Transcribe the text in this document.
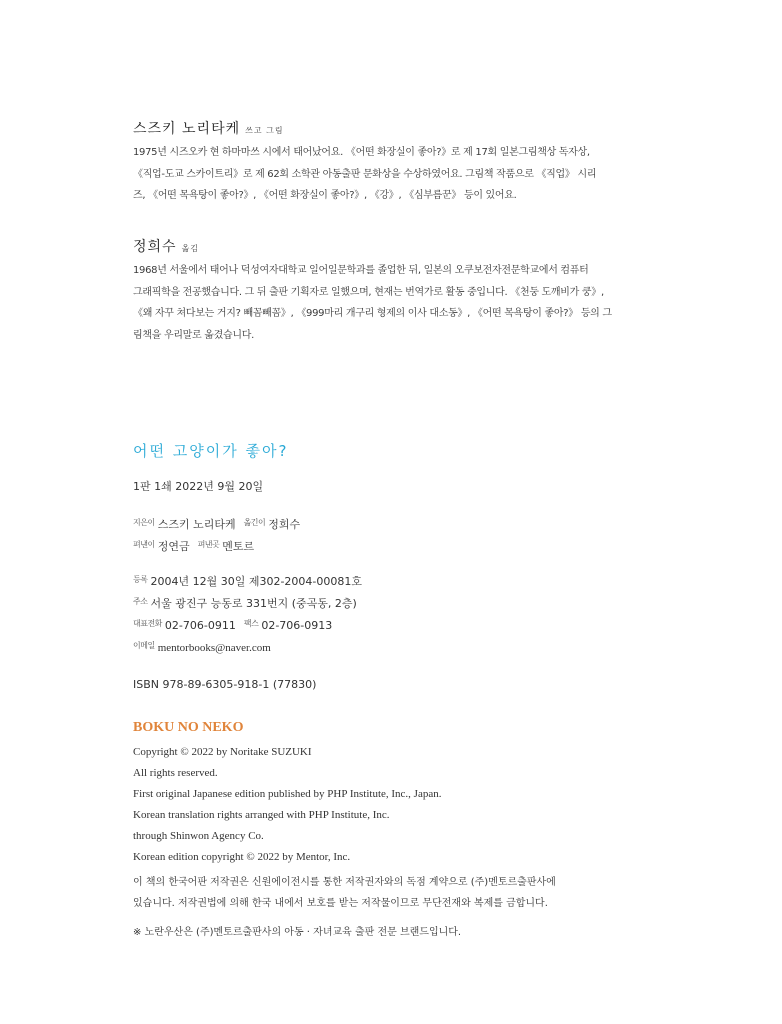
스즈키 노리타케 쓰고 그림
1975년 시즈오카 현 하마마쓰 시에서 태어났어요. 《어떤 화장실이 좋아?》로 제 17회 일본그림책상 독자상,
《직업-도교 스카이트리》로 제 62회 소학관 아동출판 문화상을 수상하였어요. 그림책 작품으로 《직업》 시리
즈, 《어떤 목욕탕이 좋아?》, 《어떤 화장실이 좋아?》, 《강》, 《심부름꾼》 등이 있어요.
정희수 옮김
1968년 서울에서 태어나 덕성여자대학교 일어일문학과를 졸업한 뒤, 일본의 오쿠보전자전문학교에서 컴퓨터
그래픽학을 전공했습니다. 그 뒤 출판 기획자로 일했으며, 현재는 번역가로 활동 중입니다. 《천둥 도깨비가 쿵》,
《왜 자꾸 쳐다보는 거지? 빼꼼빼꼼》, 《999마리 개구리 형제의 이사 대소동》, 《어떤 목욕탕이 좋아?》 등의 그
림책을 우리말로 옮겼습니다.
어떤 고양이가 좋아?
1판 1쇄 2022년 9월 20일
$^{지은이}$ 스즈키 노리타케 $^{옮긴이}$ 정희수
$^{펴낸이}$ 정연금 $^{펴낸곳}$ 멘토르
$^{등록}$ 2004년 12월 30일 제302-2004-00081호
$^{주소}$ 서울 광진구 능동로 331번지 (중곡동, 2층)
$^{대표전화}$ 02-706-0911 $^{팩스}$ 02-706-0913
$^{이메일}$ mentorbooks@naver.com
ISBN 978-89-6305-918-1 (77830)
BOKU NO NEKO
Copyright © 2022 by Noritake SUZUKI
All rights reserved.
First original Japanese edition published by PHP Institute, Inc., Japan.
Korean translation rights arranged with PHP Institute, Inc.
through Shinwon Agency Co.
Korean edition copyright © 2022 by Mentor, Inc.
이 책의 한국어판 저작권은 신원에이전시를 통한 저작권자와의 독점 계약으로 (주)멘토르출판사에
있습니다. 저작권법에 의해 한국 내에서 보호를 받는 저작물이므로 무단전재와 복제를 금합니다.
※ 노란우산은 (주)멘토르출판사의 아동 · 자녀교육 출판 전문 브랜드입니다.
